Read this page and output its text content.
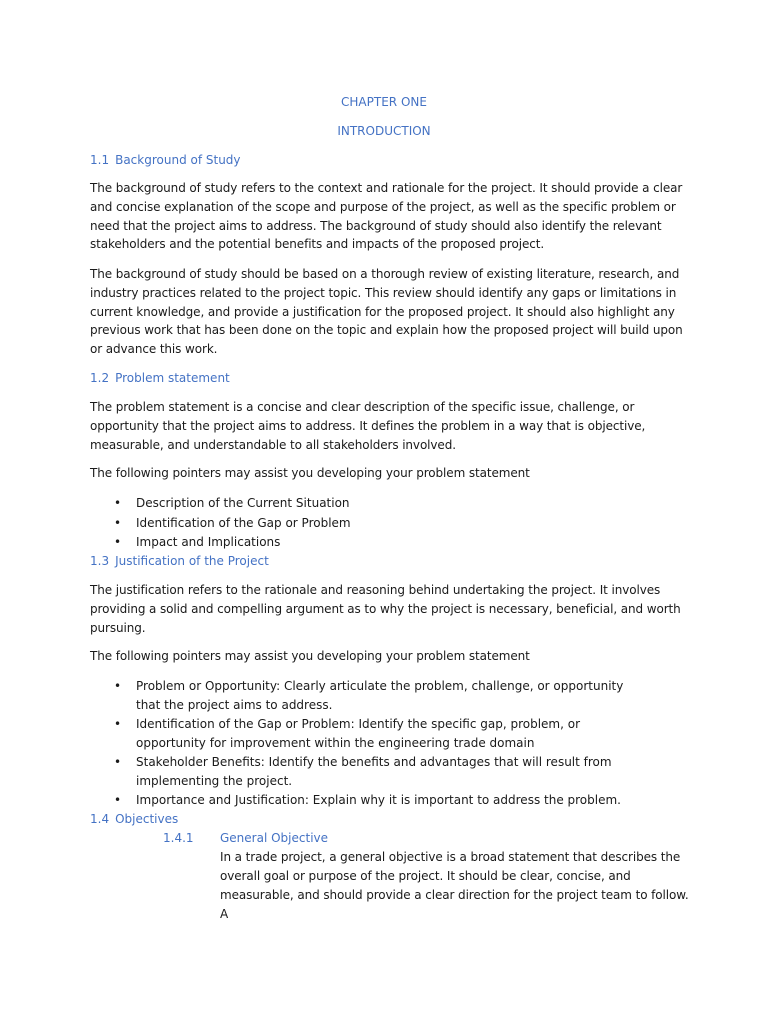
CHAPTER ONE
INTRODUCTION
1.1 Background of Study

The background of study refers to the context and rationale for the project. It should provide a clear and concise explanation of the scope and purpose of the project, as well as the specific problem or need that the project aims to address. The background of study should also identify the relevant stakeholders and the potential benefits and impacts of the proposed project.

The background of study should be based on a thorough review of existing literature, research, and industry practices related to the project topic. This review should identify any gaps or limitations in current knowledge, and provide a justification for the proposed project. It should also highlight any previous work that has been done on the topic and explain how the proposed project will build upon or advance this work.

1.2 Problem statement

The problem statement is a concise and clear description of the specific issue, challenge, or opportunity that the project aims to address. It defines the problem in a way that is objective, measurable, and understandable to all stakeholders involved.

The following pointers may assist you developing your problem statement

• Description of the Current Situation
• Identification of the Gap or Problem
• Impact and Implications
1.3 Justification of the Project

The justification refers to the rationale and reasoning behind undertaking the project. It involves providing a solid and compelling argument as to why the project is necessary, beneficial, and worth pursuing.

The following pointers may assist you developing your problem statement

• Problem or Opportunity: Clearly articulate the problem, challenge, or opportunity that the project aims to address.
• Identification of the Gap or Problem: Identify the specific gap, problem, or opportunity for improvement within the engineering trade domain
• Stakeholder Benefits: Identify the benefits and advantages that will result from implementing the project.
• Importance and Justification: Explain why it is important to address the problem.
1.4 Objectives
1.4.1 General Objective

In a trade project, a general objective is a broad statement that describes the overall goal or purpose of the project. It should be clear, concise, and measurable, and should provide a clear direction for the project team to follow. A
